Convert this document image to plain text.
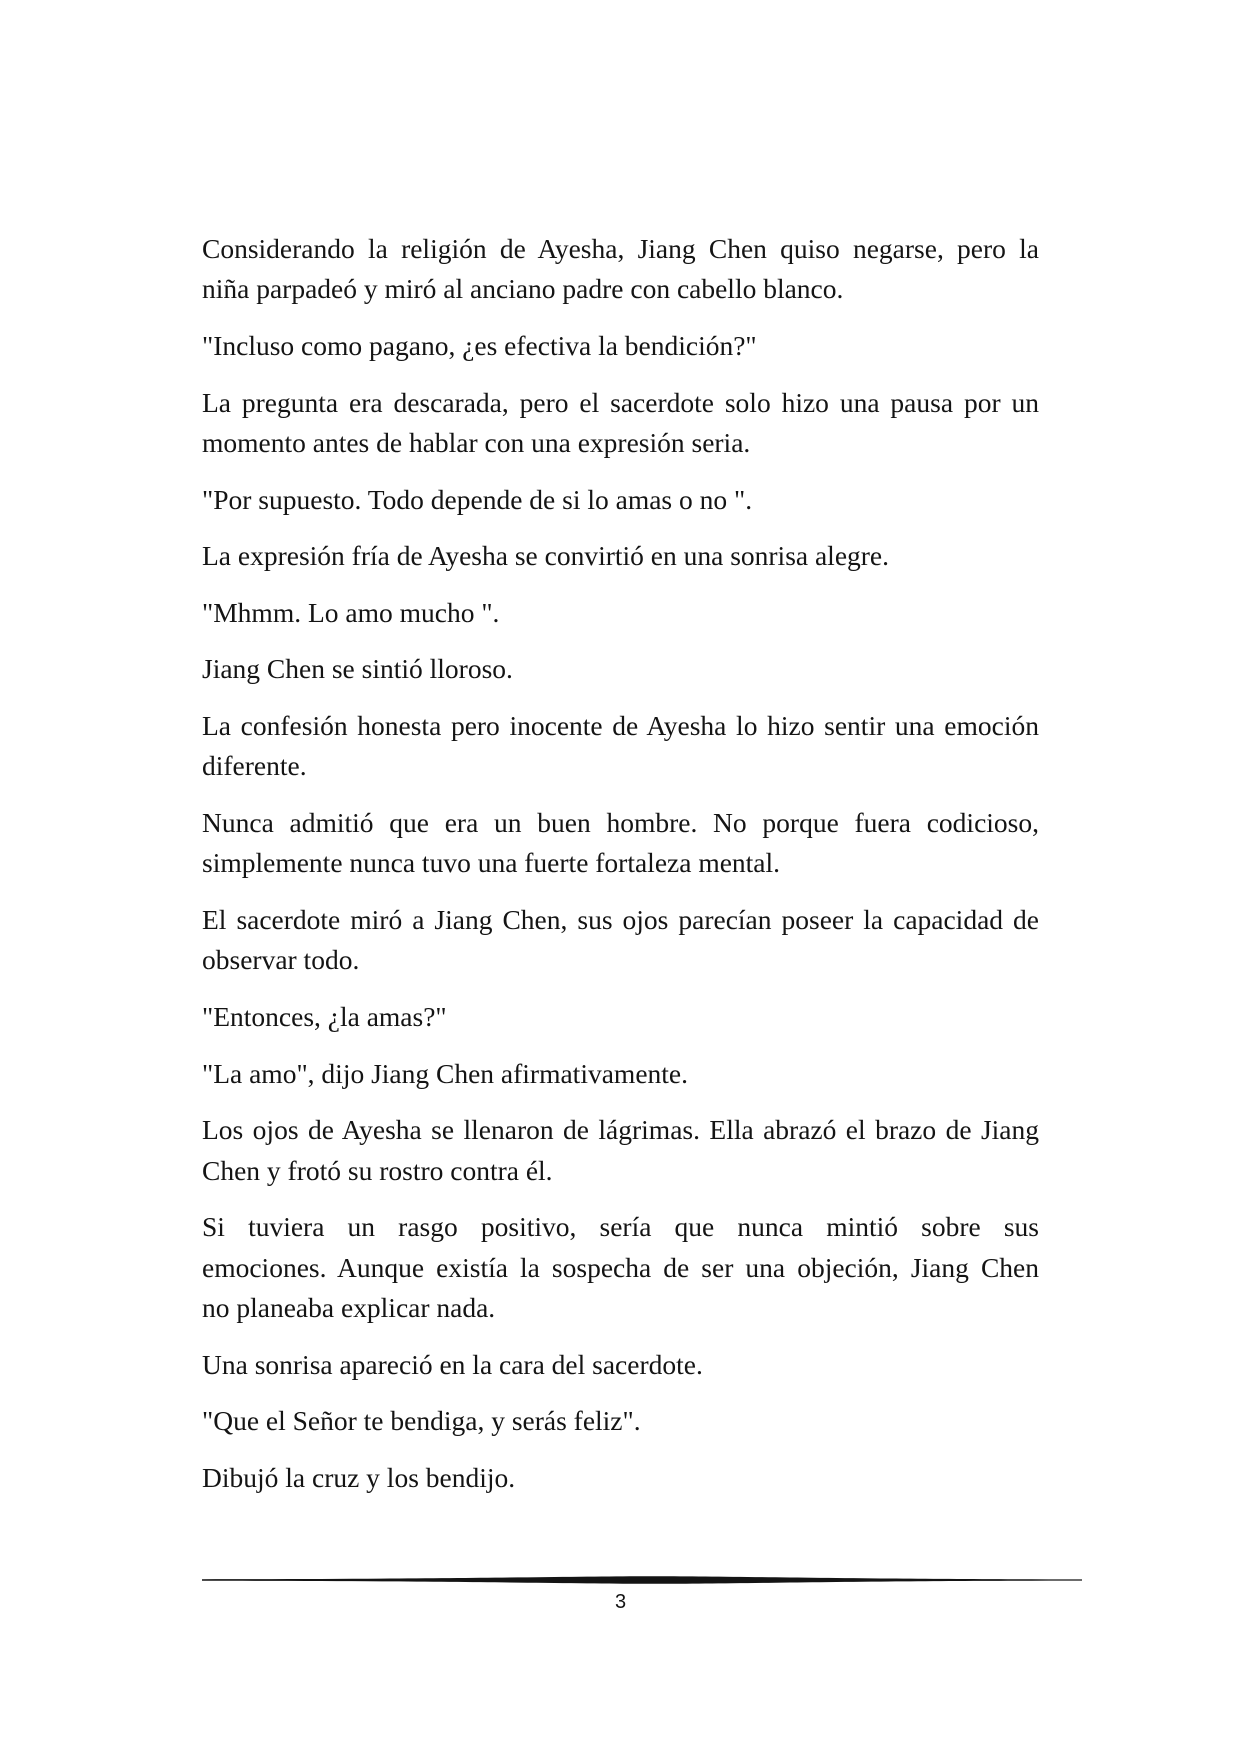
Considerando la religión de Ayesha, Jiang Chen quiso negarse, pero la
niña parpadeó y miró al anciano padre con cabello blanco.
"Incluso como pagano, ¿es efectiva la bendición?"
La pregunta era descarada, pero el sacerdote solo hizo una pausa por un
momento antes de hablar con una expresión seria.
"Por supuesto. Todo depende de si lo amas o no ".
La expresión fría de Ayesha se convirtió en una sonrisa alegre.
"Mhmm. Lo amo mucho ".
Jiang Chen se sintió lloroso.
La confesión honesta pero inocente de Ayesha lo hizo sentir una emoción
diferente.
Nunca admitió que era un buen hombre. No porque fuera codicioso,
simplemente nunca tuvo una fuerte fortaleza mental.
El sacerdote miró a Jiang Chen, sus ojos parecían poseer la capacidad de
observar todo.
"Entonces, ¿la amas?"
"La amo", dijo Jiang Chen afirmativamente.
Los ojos de Ayesha se llenaron de lágrimas. Ella abrazó el brazo de Jiang
Chen y frotó su rostro contra él.
Si tuviera un rasgo positivo, sería que nunca mintió sobre sus
emociones. Aunque existía la sospecha de ser una objeción, Jiang Chen
no planeaba explicar nada.
Una sonrisa apareció en la cara del sacerdote.
"Que el Señor te bendiga, y serás feliz".
Dibujó la cruz y los bendijo.
3
